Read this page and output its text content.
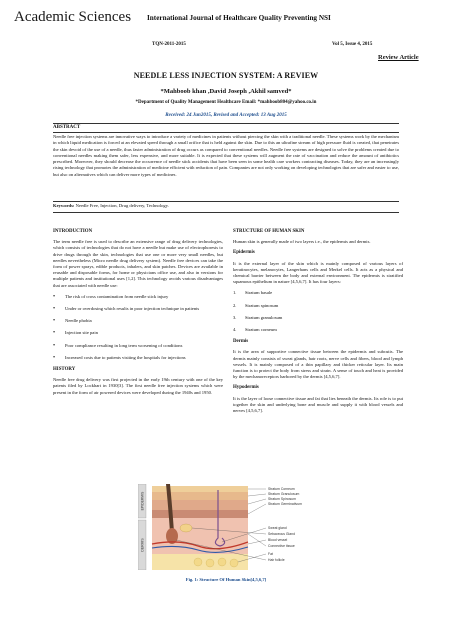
Academic Sciences International Journal of Healthcare Quality Preventing NSI
TQN-2011-2015	Vol 5, Issue 4, 2015
Review Article
NEEDLE LESS INJECTION SYSTEM: A REVIEW
*Mahboob khan ,David Joseph ,Akhil samved*
*Department of Quality Management Healthcare Email: *mahboob804@yahoo.co.in
Received: 24 Jun2015, Revised and Accepted: 13 Aug 2015
ABSTRACT
Needle free injection systems are innovative ways to introduce a variety of medicines in patients without piercing the skin with a traditional needle. These systems work by the mechanism in which liquid medication is forced at an elevated speed through a small orifice that is held against the skin. Due to this an ultrafine stream of high pressure fluid is created, that penetrates the skin devoid of the use of a needle, thus faster administration of drug occurs as compared to conventional needles. Needle free systems are designed to solve the problems created due to conventional needles making them safer, less expensive, and more suitable. It is expected that these systems will augment the rate of vaccination and reduce the amount of antibiotics prescribed. Moreover, they should decrease the occurrence of needle stick accidents that have been seen in some health care workers contracting diseases. Today, they are an increasingly rising technology that promotes the administration of medicine efficient with reduction of pain. Companies are not only working on developing technologies that are safer and easier to use, but also on alternatives which can deliver more types of medicines.
Keywords: Needle Free, Injection, Drug delivery, Technology.
INTRODUCTION
The term needle free is used to describe an extensive range of drug delivery technologies, which consists of technologies that do not have a needle but make use of electrophoresis to drive drugs through the skin, technologies that use one or more very small needles, but needles nevertheless (Micro needle drug delivery system). Needle free devices can take the form of power sprays, edible products, inhalers, and skin patches. Devices are available in reusable and disposable forms, for home or physicians office use, and also in versions for multiple patients and institutional uses [1,2]. This technology avoids various disadvantages that are associated with needle use:
•	The risk of cross contamination from needle stick injury
•	Under or overdosing which results in poor injection technique in patients
•	Needle phobia
•	Injection site pain
•	Poor compliance resulting in long term worsening of conditions
•	Increased costs due to patients visiting the hospitals for injections
HISTORY
Needle free drug delivery was first projected in the early 19th century with one of the key patents filed by Lockhart in 1930[3]. The first needle free injection systems which were present in the form of air powered devices were developed during the 1940s and 1950.
STRUCTURE OF HUMAN SKIN
Human skin is generally made of two layers i.e., the epidermis and dermis.
Epidermis
It is the external layer of the skin which is mainly composed of various layers of keratinocytes, melanocytes, Langerhans cells and Merkel cells. It acts as a physical and chemical barrier between the body and external environment. The epidermis is stratified squamous epithelium in nature [4,5,6,7]. It has four layers:
1.	Stratum basale
2.	Stratum spinosum
3.	Stratum granulosum
4.	Stratum corneum
Dermis
It is the area of supportive connective tissue between the epidermis and subcutis. The dermis mainly consists of sweat glands, hair roots, nerve cells and fibers, blood and lymph vessels. It is mainly composed of a thin papillary and thicker reticular layer. Its main function is to protect the body from stress and strain. A sense of touch and heat is provided by the mechanoreceptors harbored by the dermis [4,5,6,7].
Hypodermis
It is the layer of loose connective tissue and fat that lies beneath the dermis. Its role is to put together the skin and underlying bone and muscle and supply it with blood vessels and nerves [4,5,6,7].
EPIDERMIS
DERMIS
Stratum Corneum
Stratum Granulosum
Stratum Spinosum
Stratum Germinativum
Sweat gland
Sebaceous Gland
Blood vessel
Connective tissue
Fat
Hair follicle
Fig. 1: Structure Of Human Skin[4,5,6,7]
